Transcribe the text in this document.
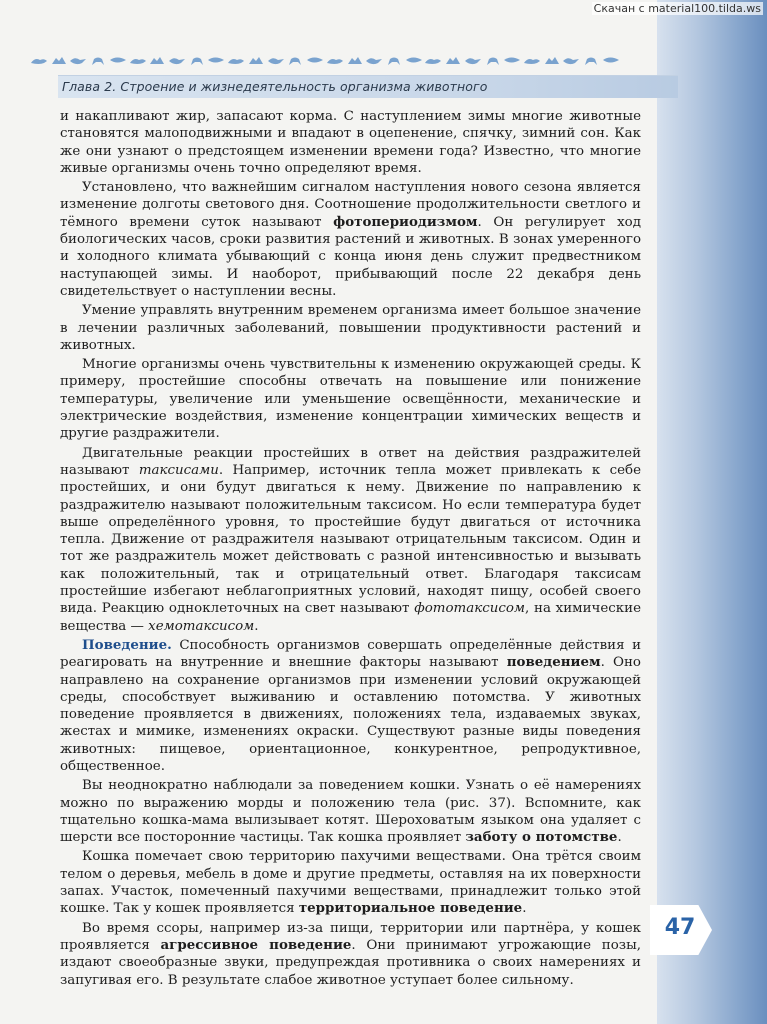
Скачан с material100.tilda.ws
Глава 2. Строение и жизнедеятельность организма животного

и накапливают жир, запасают корма. С наступлением зимы многие животные становятся малоподвижными и впадают в оцепенение, спячку, зимний сон. Как же они узнают о предстоящем изменении времени года? Известно, что многие живые организмы очень точно определяют время.

Установлено, что важнейшим сигналом наступления нового сезона является изменение долготы светового дня. Соотношение продолжительности светлого и тёмного времени суток называют фотопериодизмом. Он регулирует ход биологических часов, сроки развития растений и животных. В зонах умеренного и холодного климата убывающий с конца июня день служит предвестником наступающей зимы. И наоборот, прибывающий после 22 декабря день свидетельствует о наступлении весны.

Умение управлять внутренним временем организма имеет большое значение в лечении различных заболеваний, повышении продуктивности растений и животных.

Многие организмы очень чувствительны к изменению окружающей среды. К примеру, простейшие способны отвечать на повышение или понижение температуры, увеличение или уменьшение освещённости, механические и электрические воздействия, изменение концентрации химических веществ и другие раздражители.

Двигательные реакции простейших в ответ на действия раздражителей называют таксисами. Например, источник тепла может привлекать к себе простейших, и они будут двигаться к нему. Движение по направлению к раздражителю называют положительным таксисом. Но если температура будет выше определённого уровня, то простейшие будут двигаться от источника тепла. Движение от раздражителя называют отрицательным таксисом. Один и тот же раздражитель может действовать с разной интенсивностью и вызывать как положительный, так и отрицательный ответ. Благодаря таксисам простейшие избегают неблагоприятных условий, находят пищу, особей своего вида. Реакцию одноклеточных на свет называют фототаксисом, на химические вещества — хемотаксисом.

Поведение. Способность организмов совершать определённые действия и реагировать на внутренние и внешние факторы называют поведением. Оно направлено на сохранение организмов при изменении условий окружающей среды, способствует выживанию и оставлению потомства. У животных поведение проявляется в движениях, положениях тела, издаваемых звуках, жестах и мимике, изменениях окраски. Существуют разные виды поведения животных: пищевое, ориентационное, конкурентное, репродуктивное, общественное.

Вы неоднократно наблюдали за поведением кошки. Узнать о её намерениях можно по выражению морды и положению тела (рис. 37). Вспомните, как тщательно кошка-мама вылизывает котят. Шероховатым языком она удаляет с шерсти все посторонние частицы. Так кошка проявляет заботу о потомстве.

Кошка помечает свою территорию пахучими веществами. Она трётся своим телом о деревья, мебель в доме и другие предметы, оставляя на их поверхности запах. Участок, помеченный пахучими веществами, принадлежит только этой кошке. Так у кошек проявляется территориальное поведение.

Во время ссоры, например из-за пищи, территории или партнёра, у кошек проявляется агрессивное поведение. Они принимают угрожающие позы, издают своеобразные звуки, предупреждая противника о своих намерениях и запугивая его. В результате слабое животное уступает более сильному.

47
